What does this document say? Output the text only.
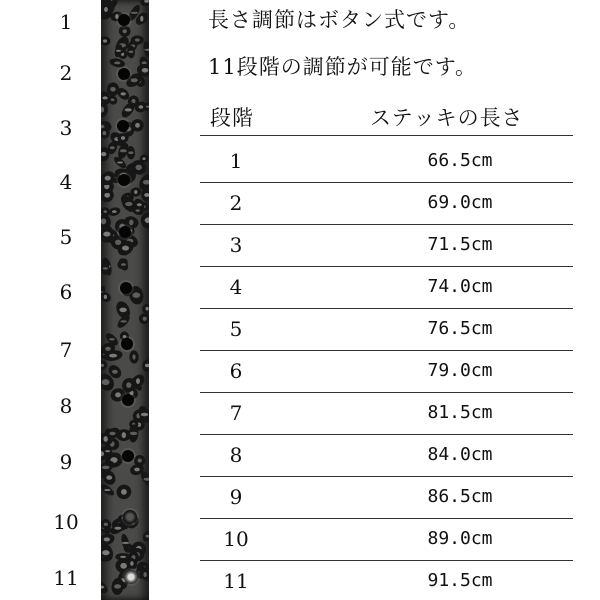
1
2
3
4
5
6
7
8
9
10
11
長さ調節はボタン式です。
11段階の調節が可能です。
段階	ステッキの長さ
1	66.5cm
2	69.0cm
3	71.5cm
4	74.0cm
5	76.5cm
6	79.0cm
7	81.5cm
8	84.0cm
9	86.5cm
10	89.0cm
11	91.5cm
